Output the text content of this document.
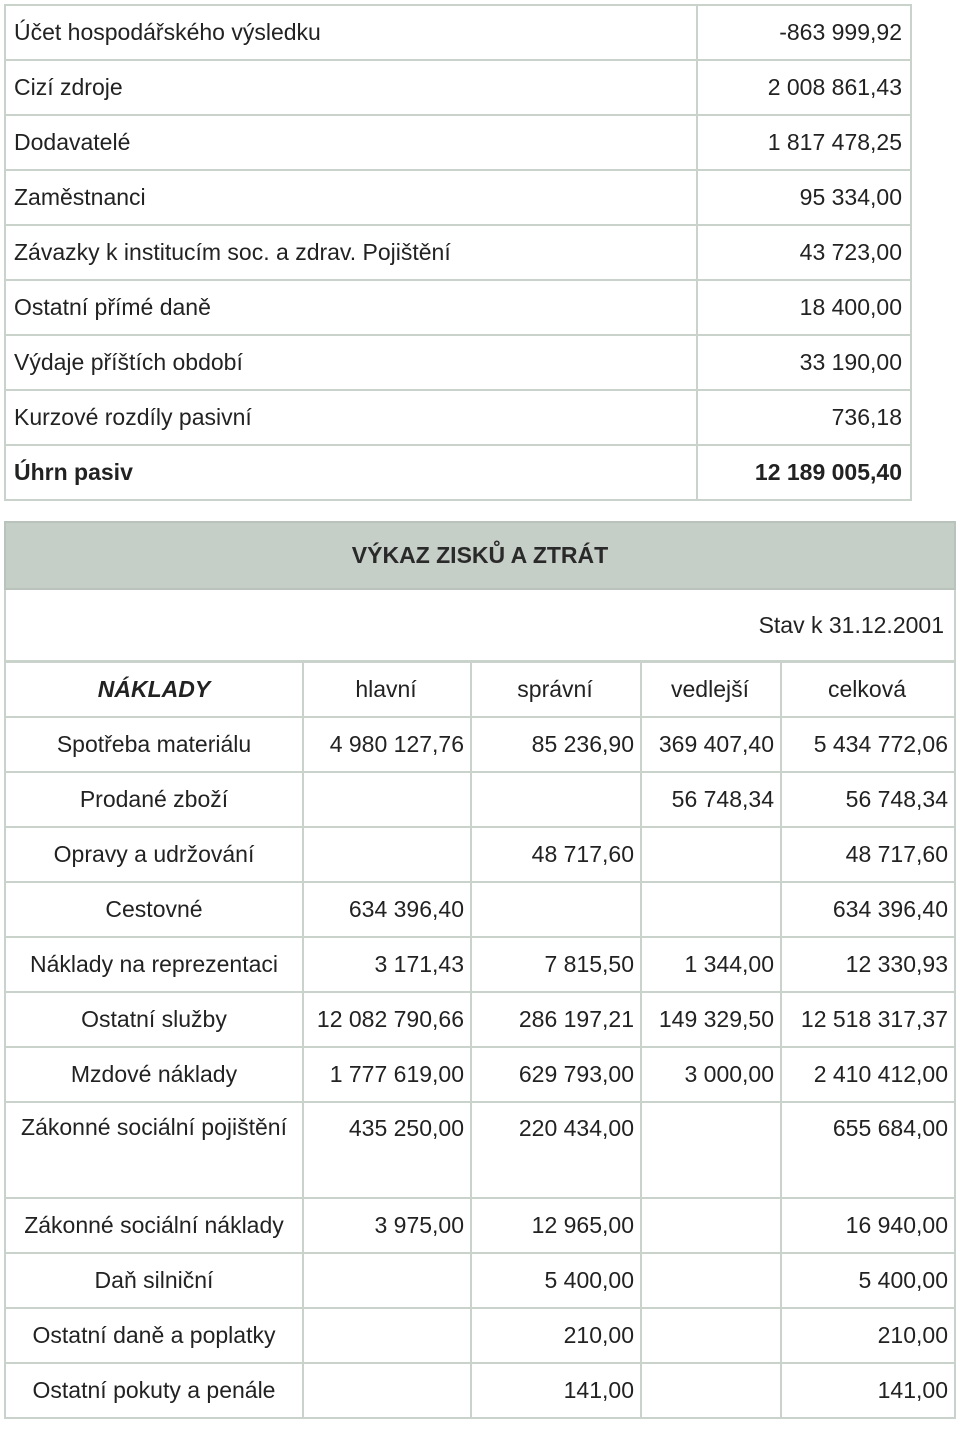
Účet hospodářského výsledku	-863 999,92
Cizí zdroje	2 008 861,43
Dodavatelé	1 817 478,25
Zaměstnanci	95 334,00
Závazky k institucím soc. a zdrav. Pojištění	43 723,00
Ostatní přímé daně	18 400,00
Výdaje příštích období	33 190,00
Kurzové rozdíly pasivní	736,18
Úhrn pasiv	12 189 005,40
VÝKAZ ZISKŮ A ZTRÁT
Stav k 31.12.2001
NÁKLADY	hlavní	správní	vedlejší	celková
Spotřeba materiálu	4 980 127,76	85 236,90	369 407,40	5 434 772,06
Prodané zboží			56 748,34	56 748,34
Opravy a udržování		48 717,60		48 717,60
Cestovné	634 396,40			634 396,40
Náklady na reprezentaci	3 171,43	7 815,50	1 344,00	12 330,93
Ostatní služby	12 082 790,66	286 197,21	149 329,50	12 518 317,37
Mzdové náklady	1 777 619,00	629 793,00	3 000,00	2 410 412,00
Zákonné sociální pojištění	435 250,00	220 434,00		655 684,00
Zákonné sociální náklady	3 975,00	12 965,00		16 940,00
Daň silniční		5 400,00		5 400,00
Ostatní daně a poplatky		210,00		210,00
Ostatní pokuty a penále		141,00		141,00
